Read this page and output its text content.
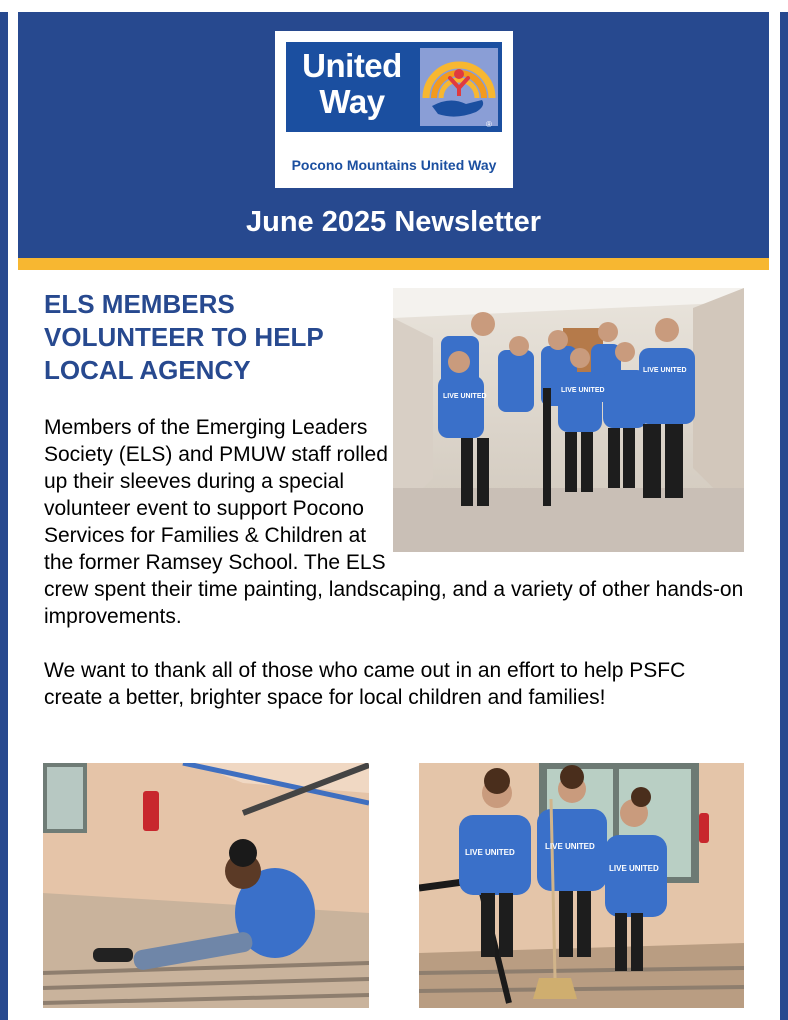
United
Way
®
Pocono Mountains United Way
June 2025 Newsletter
ELS MEMBERS
VOLUNTEER TO HELP
LOCAL AGENCY
LIVE UNITED
LIVE UNITED
LIVE UNITED
Members of the Emerging Leaders Society (ELS) and PMUW staff rolled up their sleeves during a special volunteer event to support Pocono Services for Families & Children at the former Ramsey School. The ELS crew spent their time painting, landscaping, and a variety of other hands-on improvements.
We want to thank all of those who came out in an effort to help PSFC create a better, brighter space for local children and families!
LIVE UNITED
LIVE UNITED
LIVE UNITED
